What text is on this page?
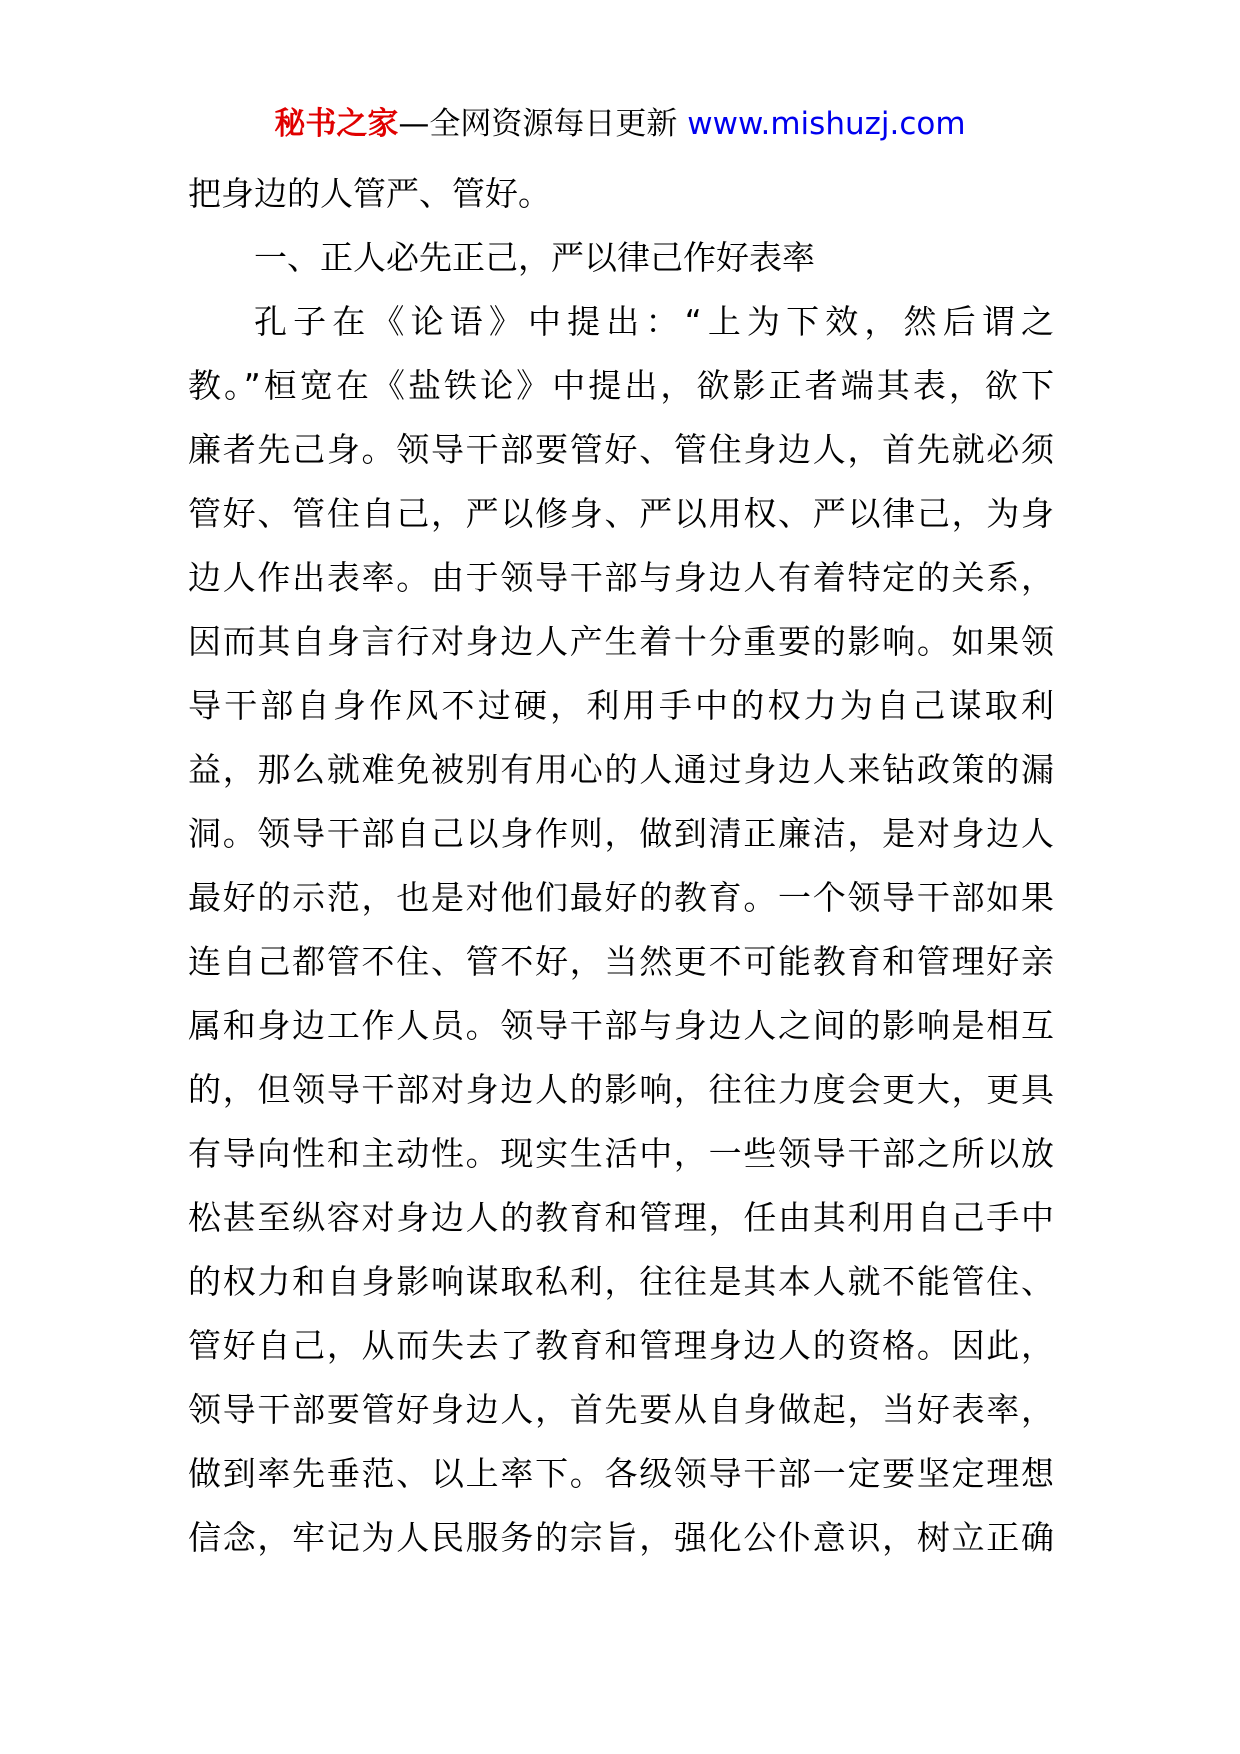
秘书之家—全网资源每日更新 www.mishuzj.com
把身边的人管严、管好。
一、正人必先正己，严以律己作好表率
孔子在《论语》中提出：“上为下效，然后谓之
教。”桓宽在《盐铁论》中提出，欲影正者端其表，欲下
廉者先己身。领导干部要管好、管住身边人，首先就必须
管好、管住自己，严以修身、严以用权、严以律己，为身
边人作出表率。由于领导干部与身边人有着特定的关系，
因而其自身言行对身边人产生着十分重要的影响。如果领
导干部自身作风不过硬，利用手中的权力为自己谋取利
益，那么就难免被别有用心的人通过身边人来钻政策的漏
洞。领导干部自己以身作则，做到清正廉洁，是对身边人
最好的示范，也是对他们最好的教育。一个领导干部如果
连自己都管不住、管不好，当然更不可能教育和管理好亲
属和身边工作人员。领导干部与身边人之间的影响是相互
的，但领导干部对身边人的影响，往往力度会更大，更具
有导向性和主动性。现实生活中，一些领导干部之所以放
松甚至纵容对身边人的教育和管理，任由其利用自己手中
的权力和自身影响谋取私利，往往是其本人就不能管住、
管好自己，从而失去了教育和管理身边人的资格。因此，
领导干部要管好身边人，首先要从自身做起，当好表率，
做到率先垂范、以上率下。各级领导干部一定要坚定理想
信念，牢记为人民服务的宗旨，强化公仆意识，树立正确
